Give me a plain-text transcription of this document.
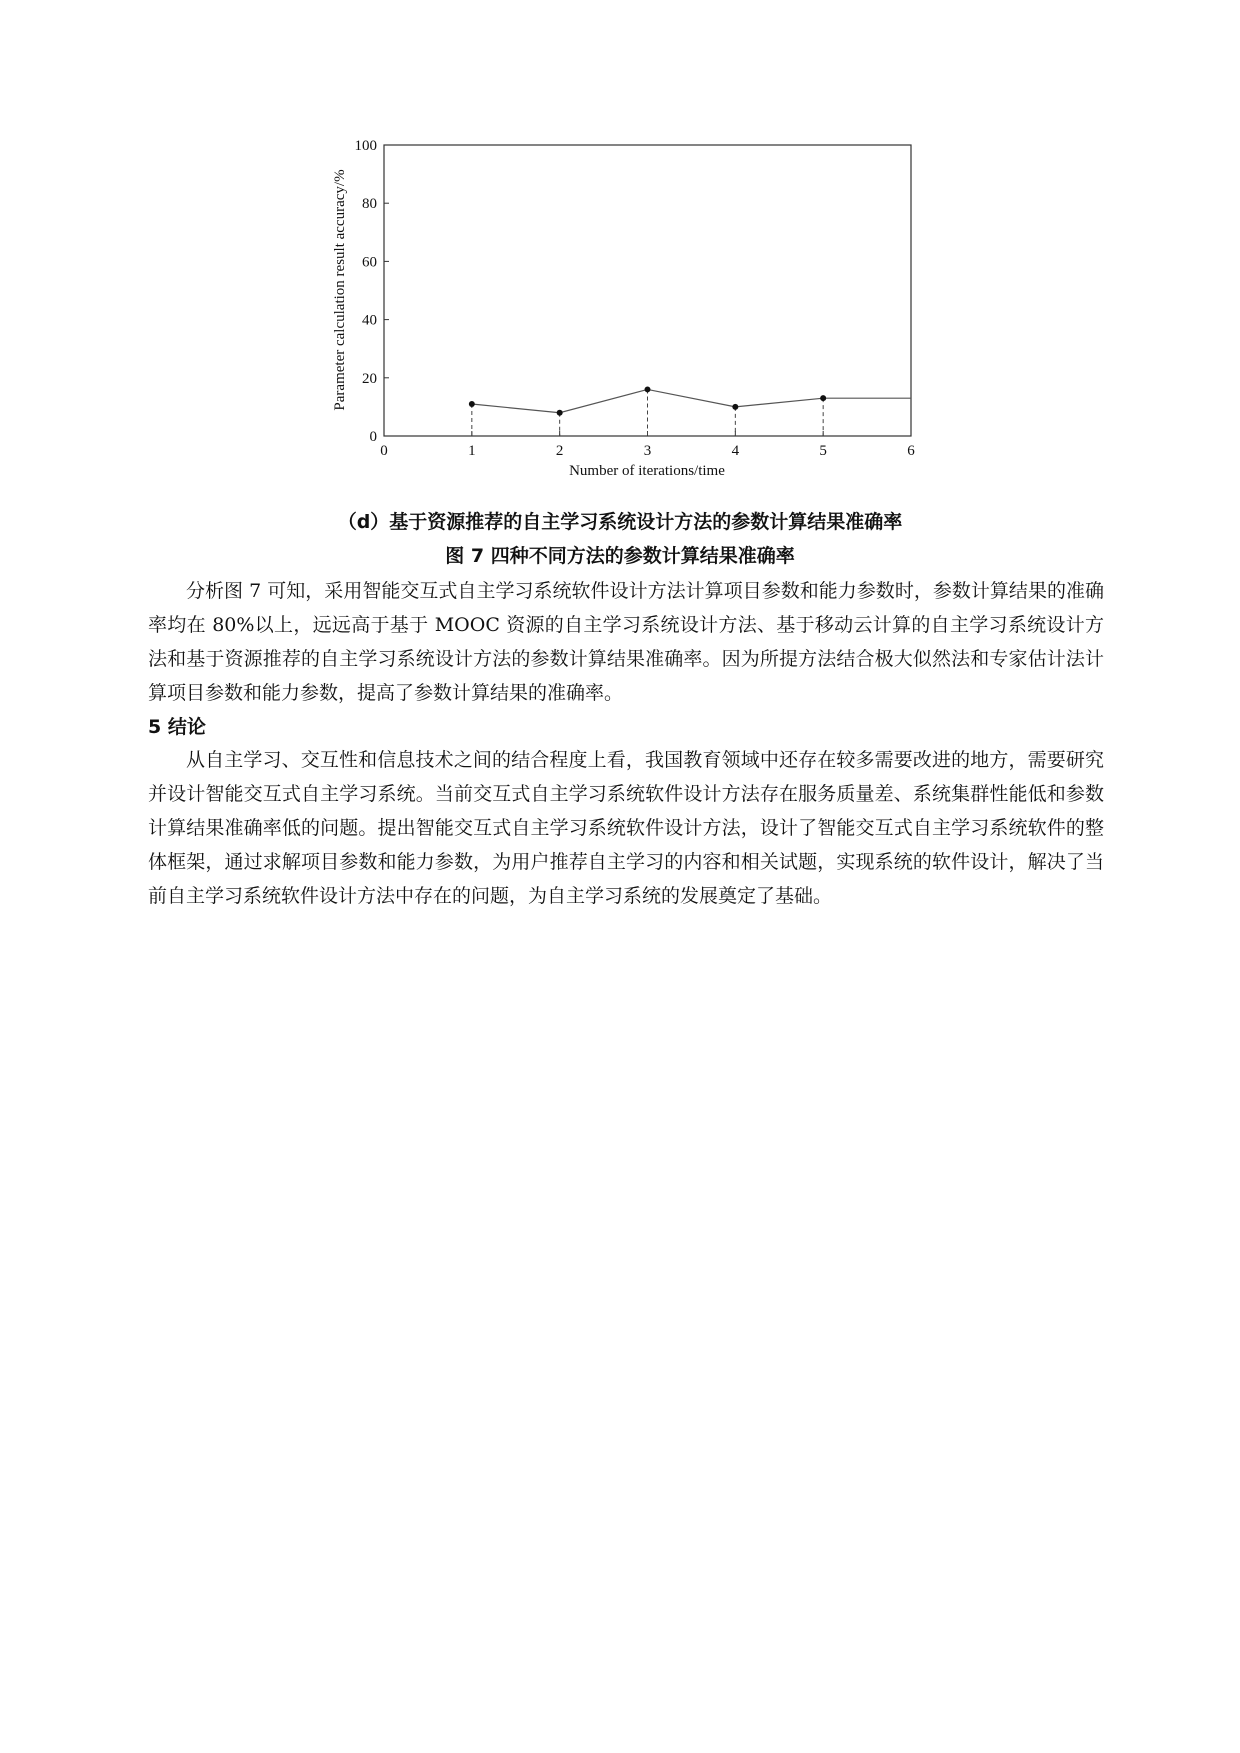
0	1	2	3	4	5	6
0
20
40
60
80
100
Number of iterations/time
Parameter calculation result accuracy/%

（d）基于资源推荐的自主学习系统设计方法的参数计算结果准确率

图 7 四种不同方法的参数计算结果准确率

分析图 7 可知，采用智能交互式自主学习系统软件设计方法计算项目参数和能力参数时，参数计算结果的准确率均在 80%以上，远远高于基于 MOOC 资源的自主学习系统设计方法、基于移动云计算的自主学习系统设计方法和基于资源推荐的自主学习系统设计方法的参数计算结果准确率。因为所提方法结合极大似然法和专家估计法计算项目参数和能力参数，提高了参数计算结果的准确率。

5 结论

从自主学习、交互性和信息技术之间的结合程度上看，我国教育领域中还存在较多需要改进的地方，需要研究并设计智能交互式自主学习系统。当前交互式自主学习系统软件设计方法存在服务质量差、系统集群性能低和参数计算结果准确率低的问题。提出智能交互式自主学习系统软件设计方法，设计了智能交互式自主学习系统软件的整体框架，通过求解项目参数和能力参数，为用户推荐自主学习的内容和相关试题，实现系统的软件设计，解决了当前自主学习系统软件设计方法中存在的问题，为自主学习系统的发展奠定了基础。
